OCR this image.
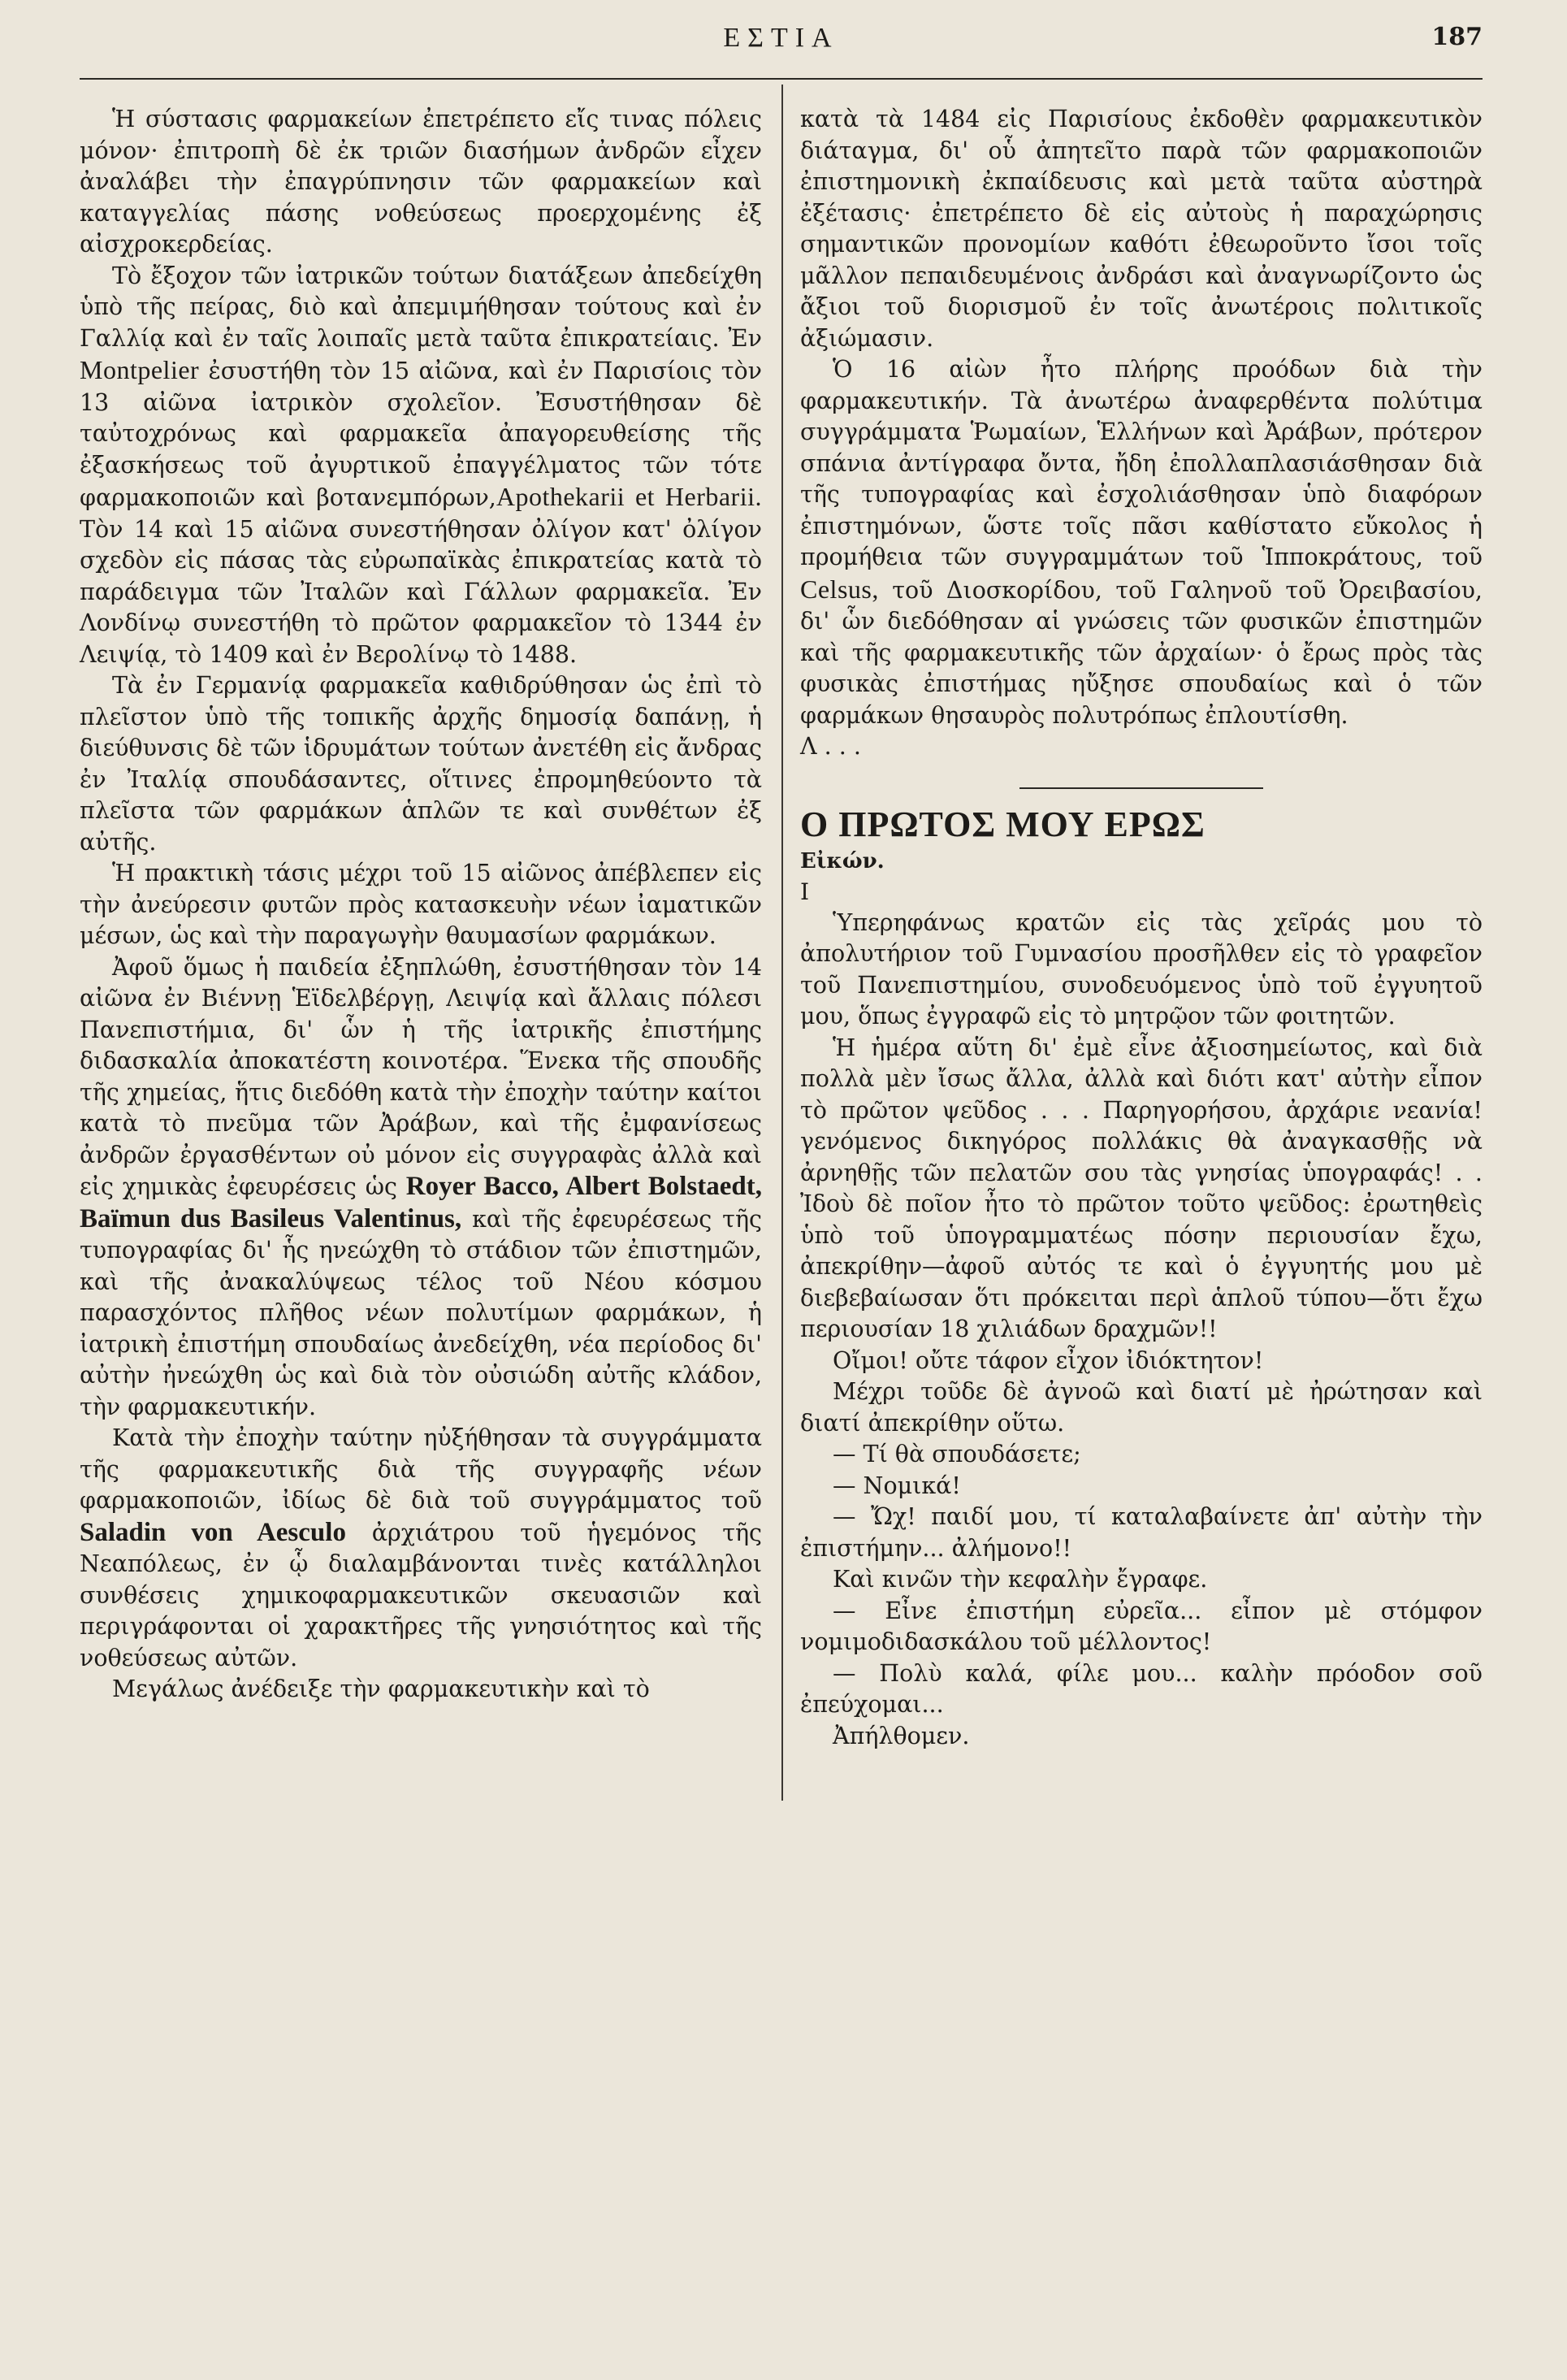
ΕΣΤΙΑ	187

Ἡ σύστασις φαρμακείων ἐπετρέπετο εἴς τινας πόλεις μόνον· ἐπιτροπὴ δὲ ἐκ τριῶν διασήμων ἀνδρῶν εἶχεν ἀναλάβει τὴν ἐπαγρύπνησιν τῶν φαρμακείων καὶ καταγγελίας πάσης νοθεύσεως προερχομένης ἐξ αἰσχροκερδείας.

Τὸ ἔξοχον τῶν ἰατρικῶν τούτων διατάξεων ἀπεδείχθη ὑπὸ τῆς πείρας, διὸ καὶ ἀπεμιμήθησαν τούτους καὶ ἐν Γαλλίᾳ καὶ ἐν ταῖς λοιπαῖς μετὰ ταῦτα ἐπικρατείαις. Ἐν Montpelier ἐσυστήθη τὸν 15 αἰῶνα, καὶ ἐν Παρισίοις τὸν 13 αἰῶνα ἰατρικὸν σχολεῖον. Ἐσυστήθησαν δὲ ταὐτοχρόνως καὶ φαρμακεῖα ἀπαγορευθείσης τῆς ἐξασκήσεως τοῦ ἀγυρτικοῦ ἐπαγγέλματος τῶν τότε φαρμακοποιῶν καὶ βοτανεμπόρων,Apothekarii et Herbarii. Τὸν 14 καὶ 15 αἰῶνα συνεστήθησαν ὀλίγον κατ' ὀλίγον σχεδὸν εἰς πάσας τὰς εὐρωπαϊκὰς ἐπικρατείας κατὰ τὸ παράδειγμα τῶν Ἰταλῶν καὶ Γάλλων φαρμακεῖα. Ἐν Λονδίνῳ συνεστήθη τὸ πρῶτον φαρμακεῖον τὸ 1344 ἐν Λειψίᾳ, τὸ 1409 καὶ ἐν Βερολίνῳ τὸ 1488.

Τὰ ἐν Γερμανίᾳ φαρμακεῖα καθιδρύθησαν ὡς ἐπὶ τὸ πλεῖστον ὑπὸ τῆς τοπικῆς ἀρχῆς δημοσίᾳ δαπάνῃ, ἡ διεύθυνσις δὲ τῶν ἱδρυμάτων τούτων ἀνετέθη εἰς ἄνδρας ἐν Ἰταλίᾳ σπουδάσαντες, οἵτινες ἐπρομηθεύοντο τὰ πλεῖστα τῶν φαρμάκων ἁπλῶν τε καὶ συνθέτων ἐξ αὐτῆς.

Ἡ πρακτικὴ τάσις μέχρι τοῦ 15 αἰῶνος ἀπέβλεπεν εἰς τὴν ἀνεύρεσιν φυτῶν πρὸς κατασκευὴν νέων ἰαματικῶν μέσων, ὡς καὶ τὴν παραγωγὴν θαυμασίων φαρμάκων.

Ἀφοῦ ὅμως ἡ παιδεία ἐξηπλώθη, ἐσυστήθησαν τὸν 14 αἰῶνα ἐν Βιέννῃ Ἑϊδελβέργῃ, Λειψίᾳ καὶ ἄλλαις πόλεσι Πανεπιστήμια, δι' ὧν ἡ τῆς ἰατρικῆς ἐπιστήμης διδασκαλία ἀποκατέστη κοινοτέρα. Ἕνεκα τῆς σπουδῆς τῆς χημείας, ἥτις διεδόθη κατὰ τὴν ἐποχὴν ταύτην καίτοι κατὰ τὸ πνεῦμα τῶν Ἀράβων, καὶ τῆς ἐμφανίσεως ἀνδρῶν ἐργασθέντων οὐ μόνον εἰς συγγραφὰς ἀλλὰ καὶ εἰς χημικὰς ἐφευρέσεις ὡς Royer Bacco, Albert Bolstaedt, Baïmun dus Basileus Valentinus, καὶ τῆς ἐφευρέσεως τῆς τυπογραφίας δι' ἧς ηνεώχθη τὸ στάδιον τῶν ἐπιστημῶν, καὶ τῆς ἀνακαλύψεως τέλος τοῦ Νέου κόσμου παρασχόντος πλῆθος νέων πολυτίμων φαρμάκων, ἡ ἰατρικὴ ἐπιστήμη σπουδαίως ἀνεδείχθη, νέα περίοδος δι' αὐτὴν ἠνεώχθη ὡς καὶ διὰ τὸν οὐσιώδη αὐτῆς κλάδον, τὴν φαρμακευτικήν.

Κατὰ τὴν ἐποχὴν ταύτην ηὐξήθησαν τὰ συγγράμματα τῆς φαρμακευτικῆς διὰ τῆς συγγραφῆς νέων φαρμακοποιῶν, ἰδίως δὲ διὰ τοῦ συγγράμματος τοῦ Saladin von Aesculo ἀρχιάτρου τοῦ ἡγεμόνος τῆς Νεαπόλεως, ἐν ᾧ διαλαμβάνονται τινὲς κατάλληλοι συνθέσεις χημικοφαρμακευτικῶν σκευασιῶν καὶ περιγράφονται οἱ χαρακτῆρες τῆς γνησιότητος καὶ τῆς νοθεύσεως αὐτῶν.

Μεγάλως ἀνέδειξε τὴν φαρμακευτικὴν καὶ τὸ

κατὰ τὰ 1484 εἰς Παρισίους ἐκδοθὲν φαρμακευτικὸν διάταγμα, δι' οὗ ἀπητεῖτο παρὰ τῶν φαρμακοποιῶν ἐπιστημονικὴ ἐκπαίδευσις καὶ μετὰ ταῦτα αὐστηρὰ ἐξέτασις· ἐπετρέπετο δὲ εἰς αὐτοὺς ἡ παραχώρησις σημαντικῶν προνομίων καθότι ἐθεωροῦντο ἴσοι τοῖς μᾶλλον πεπαιδευμένοις ἀνδράσι καὶ ἀναγνωρίζοντο ὡς ἄξιοι τοῦ διορισμοῦ ἐν τοῖς ἀνωτέροις πολιτικοῖς ἀξιώμασιν.

Ὁ 16 αἰὼν ἦτο πλήρης προόδων διὰ τὴν φαρμακευτικήν. Τὰ ἀνωτέρω ἀναφερθέντα πολύτιμα συγγράμματα Ῥωμαίων, Ἑλλήνων καὶ Ἀράβων, πρότερον σπάνια ἀντίγραφα ὄντα, ἤδη ἐπολλαπλασιάσθησαν διὰ τῆς τυπογραφίας καὶ ἐσχολιάσθησαν ὑπὸ διαφόρων ἐπιστημόνων, ὥστε τοῖς πᾶσι καθίστατο εὔκολος ἡ προμήθεια τῶν συγγραμμάτων τοῦ Ἱπποκράτους, τοῦ Celsus, τοῦ Διοσκορίδου, τοῦ Γαληνοῦ τοῦ Ὀρειβασίου, δι' ὧν διεδόθησαν αἱ γνώσεις τῶν φυσικῶν ἐπιστημῶν καὶ τῆς φαρμακευτικῆς τῶν ἀρχαίων· ὁ ἔρως πρὸς τὰς φυσικὰς ἐπιστήμας ηὔξησε σπουδαίως καὶ ὁ τῶν φαρμάκων θησαυρὸς πολυτρόπως ἐπλουτίσθη.

Λ . . .
Ο ΠΡΩΤΟΣ ΜΟΥ ΕΡΩΣ
Εἰκών.
Ι

Ὑπερηφάνως κρατῶν εἰς τὰς χεῖράς μου τὸ ἀπολυτήριον τοῦ Γυμνασίου προσῆλθεν εἰς τὸ γραφεῖον τοῦ Πανεπιστημίου, συνοδευόμενος ὑπὸ τοῦ ἐγγυητοῦ μου, ὅπως ἐγγραφῶ εἰς τὸ μητρῷον τῶν φοιτητῶν.

Ἡ ἡμέρα αὕτη δι' ἐμὲ εἶνε ἀξιοσημείωτος, καὶ διὰ πολλὰ μὲν ἴσως ἄλλα, ἀλλὰ καὶ διότι κατ' αὐτὴν εἶπον τὸ πρῶτον ψεῦδος . . . Παρηγορήσου, ἀρχάριε νεανία! γενόμενος δικηγόρος πολλάκις θὰ ἀναγκασθῇς νὰ ἀρνηθῇς τῶν πελατῶν σου τὰς γνησίας ὑπογραφάς! . . Ἰδοὺ δὲ ποῖον ἦτο τὸ πρῶτον τοῦτο ψεῦδος: ἐρωτηθεὶς ὑπὸ τοῦ ὑπογραμματέως πόσην περιουσίαν ἔχω, ἀπεκρίθην—ἀφοῦ αὐτός τε καὶ ὁ ἐγγυητής μου μὲ διεβεβαίωσαν ὅτι πρόκειται περὶ ἁπλοῦ τύπου—ὅτι ἔχω περιουσίαν 18 χιλιάδων δραχμῶν!!

Οἴμοι! οὔτε τάφον εἶχον ἰδιόκτητον!

Μέχρι τοῦδε δὲ ἀγνοῶ καὶ διατί μὲ ἠρώτησαν καὶ διατί ἀπεκρίθην οὕτω.

— Τί θὰ σπουδάσετε;

— Νομικά!

— Ὤχ! παιδί μου, τί καταλαβαίνετε ἀπ' αὐτὴν τὴν ἐπιστήμην... ἀλήμονο!!

Καὶ κινῶν τὴν κεφαλὴν ἔγραφε.

— Εἶνε ἐπιστήμη εὐρεῖα... εἶπον μὲ στόμφον νομιμοδιδασκάλου τοῦ μέλλοντος!

— Πολὺ καλά, φίλε μου... καλὴν πρόοδον σοῦ ἐπεύχομαι...

Ἀπήλθομεν.
